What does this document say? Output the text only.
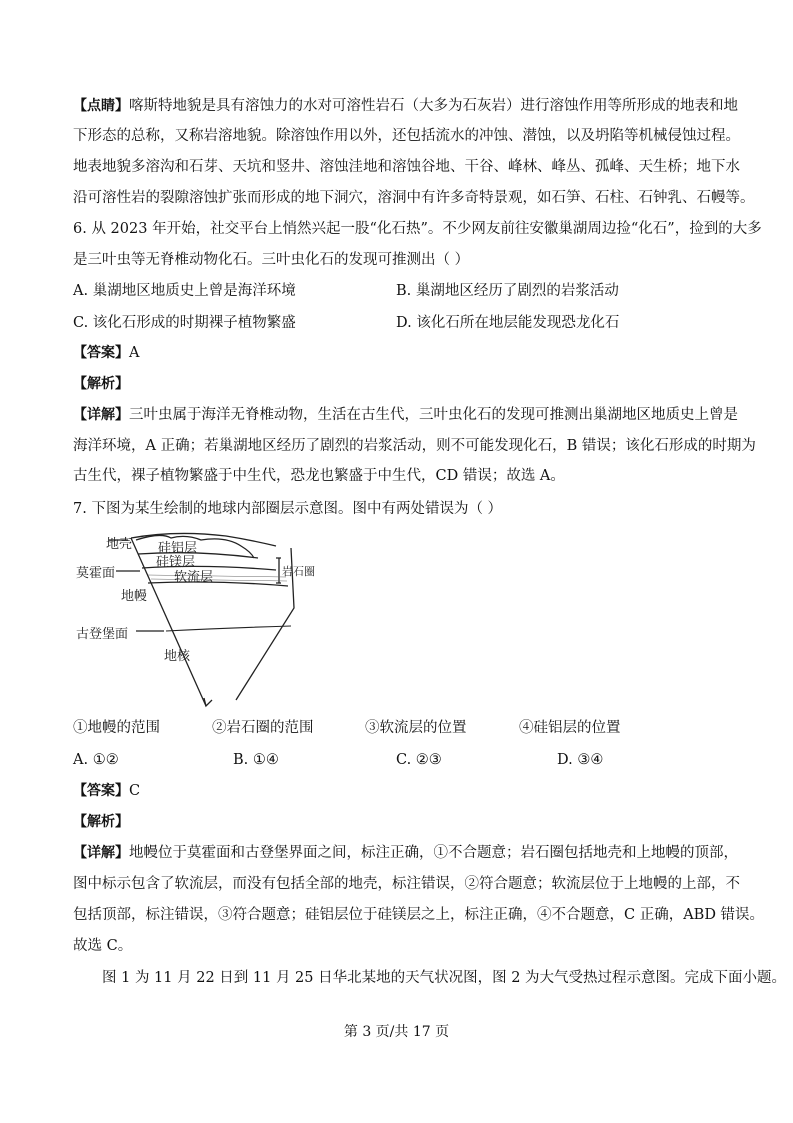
【点睛】喀斯特地貌是具有溶蚀力的水对可溶性岩石（大多为石灰岩）进行溶蚀作用等所形成的地表和地
下形态的总称，又称岩溶地貌。除溶蚀作用以外，还包括流水的冲蚀、潜蚀，以及坍陷等机械侵蚀过程。
地表地貌多溶沟和石芽、天坑和竖井、溶蚀洼地和溶蚀谷地、干谷、峰林、峰丛、孤峰、天生桥；地下水
沿可溶性岩的裂隙溶蚀扩张而形成的地下洞穴，溶洞中有许多奇特景观，如石笋、石柱、石钟乳、石幔等。
6. 从 2023 年开始，社交平台上悄然兴起一股“化石热”。不少网友前往安徽巢湖周边捡“化石”，捡到的大多
是三叶虫等无脊椎动物化石。三叶虫化石的发现可推测出（ ）
A. 巢湖地区地质史上曾是海洋环境	B. 巢湖地区经历了剧烈的岩浆活动
C. 该化石形成的时期裸子植物繁盛	D. 该化石所在地层能发现恐龙化石
【答案】A
【解析】
【详解】三叶虫属于海洋无脊椎动物，生活在古生代，三叶虫化石的发现可推测出巢湖地区地质史上曾是
海洋环境，A 正确；若巢湖地区经历了剧烈的岩浆活动，则不可能发现化石，B 错误；该化石形成的时期为
古生代，裸子植物繁盛于中生代，恐龙也繁盛于中生代，CD 错误；故选 A。
7. 下图为某生绘制的地球内部圈层示意图。图中有两处错误为（ ）
地壳
莫霍面
地幔
古登堡面
地核
硅铝层
硅镁层
软流层	岩石圈
①地幔的范围	②岩石圈的范围	③软流层的位置	④硅铝层的位置
A. ①②	B. ①④	C. ②③	D. ③④
【答案】C
【解析】
【详解】地幔位于莫霍面和古登堡界面之间，标注正确，①不合题意；岩石圈包括地壳和上地幔的顶部，
图中标示包含了软流层，而没有包括全部的地壳，标注错误，②符合题意；软流层位于上地幔的上部，不
包括顶部，标注错误，③符合题意；硅铝层位于硅镁层之上，标注正确，④不合题意，C 正确，ABD 错误。
故选 C。
图 1 为 11 月 22 日到 11 月 25 日华北某地的天气状况图，图 2 为大气受热过程示意图。完成下面小题。
第 3 页/共 17 页
